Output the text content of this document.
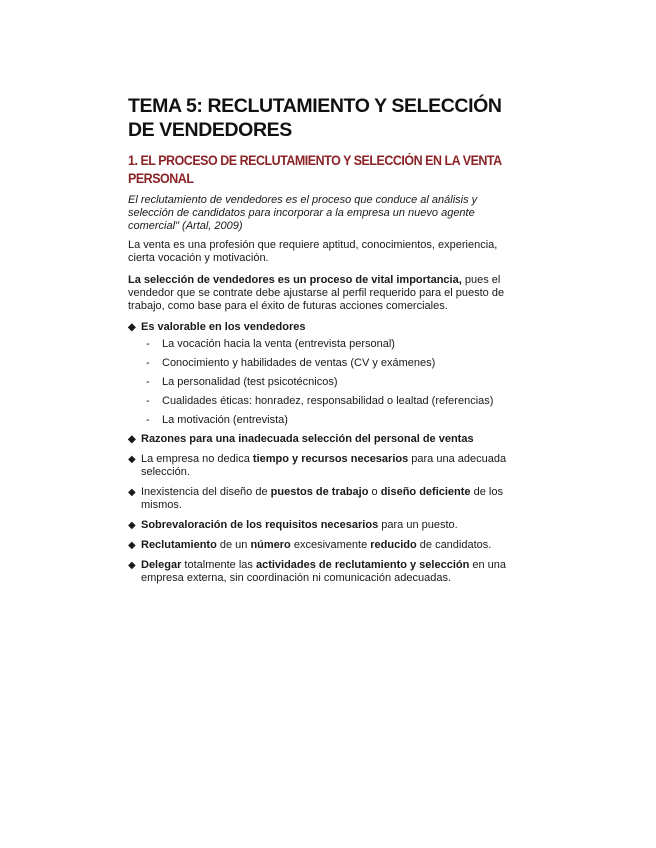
TEMA 5: RECLUTAMIENTO Y SELECCIÓN DE VENDEDORES
1. EL PROCESO DE RECLUTAMIENTO Y SELECCIÓN EN LA VENTA PERSONAL

El reclutamiento de vendedores es el proceso que conduce al análisis y selección de candidatos para incorporar a la empresa un nuevo agente comercial" (Artal, 2009)

La venta es una profesión que requiere aptitud, conocimientos, experiencia, cierta vocación y motivación.

La selección de vendedores es un proceso de vital importancia, pues el vendedor que se contrate debe ajustarse al perfil requerido para el puesto de trabajo, como base para el éxito de futuras acciones comerciales.

◆ Es valorable en los vendedores
- La vocación hacia la venta (entrevista personal)
- Conocimiento y habilidades de ventas (CV y exámenes)
- La personalidad (test psicotécnicos)
- Cualidades éticas: honradez, responsabilidad o lealtad (referencias)
- La motivación (entrevista)
◆ Razones para una inadecuada selección del personal de ventas
◆ La empresa no dedica tiempo y recursos necesarios para una adecuada selección.
◆ Inexistencia del diseño de puestos de trabajo o diseño deficiente de los mismos.
◆ Sobrevaloración de los requisitos necesarios para un puesto.
◆ Reclutamiento de un número excesivamente reducido de candidatos.
◆ Delegar totalmente las actividades de reclutamiento y selección en una empresa externa, sin coordinación ni comunicación adecuadas.
